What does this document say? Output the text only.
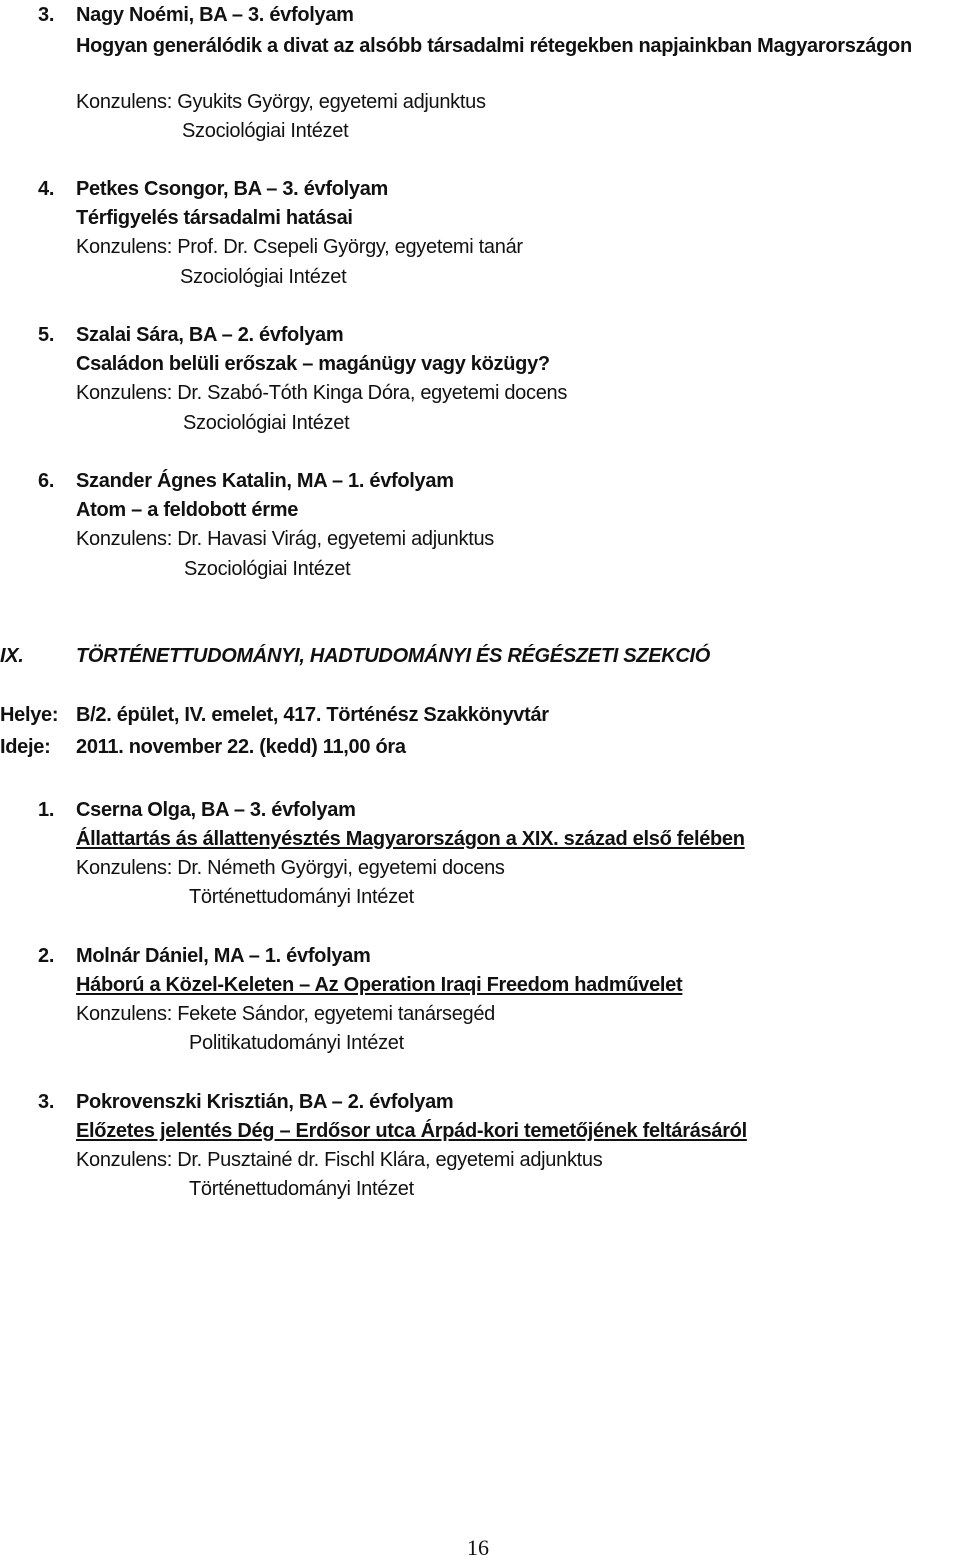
3. Nagy Noémi, BA – 3. évfolyam
Hogyan generálódik a divat az alsóbb társadalmi rétegekben napjainkban Magyarországon
Konzulens: Gyukits György, egyetemi adjunktus
Szociológiai Intézet
4. Petkes Csongor, BA – 3. évfolyam
Térfigyelés társadalmi hatásai
Konzulens: Prof. Dr. Csepeli György, egyetemi tanár
Szociológiai Intézet
5. Szalai Sára, BA – 2. évfolyam
Családon belüli erőszak – magánügy vagy közügy?
Konzulens: Dr. Szabó-Tóth Kinga Dóra, egyetemi docens
Szociológiai Intézet
6. Szander Ágnes Katalin, MA – 1. évfolyam
Atom – a feldobott érme
Konzulens: Dr. Havasi Virág, egyetemi adjunktus
Szociológiai Intézet
IX.	TÖRTÉNETTUDOMÁNYI, HADTUDOMÁNYI ÉS RÉGÉSZETI SZEKCIÓ
Helye: B/2. épület, IV. emelet, 417. Történész Szakkönyvtár
Ideje: 2011. november 22. (kedd) 11,00 óra
1. Cserna Olga, BA – 3. évfolyam
Állattartás ás állattenyésztés Magyarországon a XIX. század első felében
Konzulens: Dr. Németh Györgyi, egyetemi docens
Történettudományi Intézet
2. Molnár Dániel, MA – 1. évfolyam
Háború a Közel-Keleten – Az Operation Iraqi Freedom hadművelet
Konzulens: Fekete Sándor, egyetemi tanársegéd
Politikatudományi Intézet
3. Pokrovenszki Krisztián, BA – 2. évfolyam
Előzetes jelentés Dég – Erdősor utca Árpád-kori temetőjének feltárásáról
Konzulens: Dr. Pusztainé dr. Fischl Klára, egyetemi adjunktus
Történettudományi Intézet
16
